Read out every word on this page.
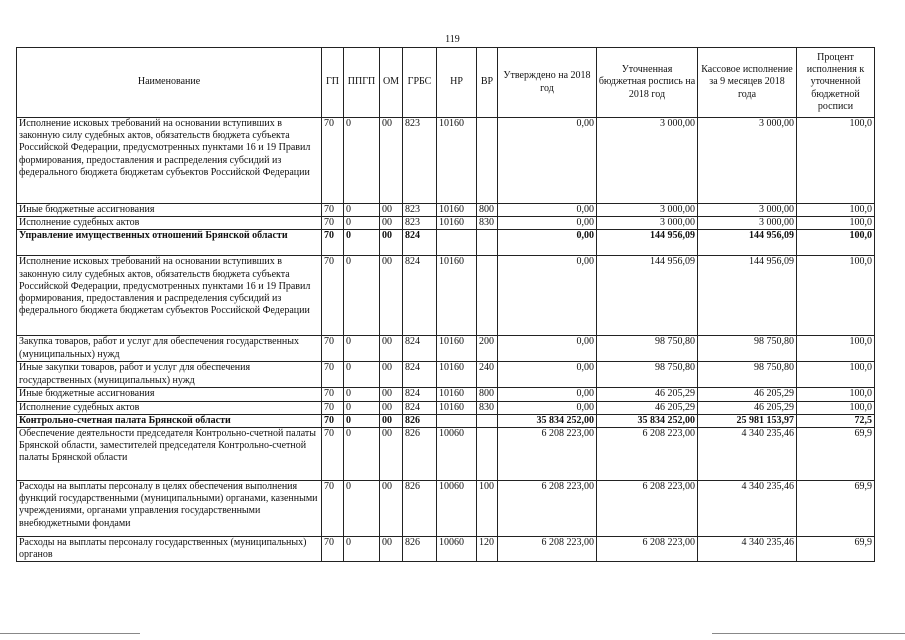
119
Наименование	ГП	ППГП	ОМ	ГРБС	НР	ВР	Утверждено на 2018 год	Уточненная бюджетная роспись на 2018 год	Кассовое исполнение за 9 месяцев 2018 года	Процент исполнения к уточненной бюджетной росписи
Исполнение исковых требований на основании вступивших в законную силу судебных актов, обязательств бюджета субъекта Российской Федерации, предусмотренных пунктами 16 и 19 Правил формирования, предоставления и распределения субсидий из федерального бюджета бюджетам субъектов Российской Федерации	70	0	00	823	10160		0,00	3 000,00	3 000,00	100,0
Иные бюджетные ассигнования	70	0	00	823	10160	800	0,00	3 000,00	3 000,00	100,0
Исполнение судебных актов	70	0	00	823	10160	830	0,00	3 000,00	3 000,00	100,0
Управление имущественных отношений Брянской области	70	0	00	824			0,00	144 956,09	144 956,09	100,0
Исполнение исковых требований на основании вступивших в законную силу судебных актов, обязательств бюджета субъекта Российской Федерации, предусмотренных пунктами 16 и 19 Правил формирования, предоставления и распределения субсидий из федерального бюджета бюджетам субъектов Российской Федерации	70	0	00	824	10160		0,00	144 956,09	144 956,09	100,0
Закупка товаров, работ и услуг для обеспечения государственных (муниципальных) нужд	70	0	00	824	10160	200	0,00	98 750,80	98 750,80	100,0
Иные закупки товаров, работ и услуг для обеспечения государственных (муниципальных) нужд	70	0	00	824	10160	240	0,00	98 750,80	98 750,80	100,0
Иные бюджетные ассигнования	70	0	00	824	10160	800	0,00	46 205,29	46 205,29	100,0
Исполнение судебных актов	70	0	00	824	10160	830	0,00	46 205,29	46 205,29	100,0
Контрольно-счетная палата Брянской области	70	0	00	826			35 834 252,00	35 834 252,00	25 981 153,97	72,5
Обеспечение деятельности председателя Контрольно-счетной палаты Брянской области, заместителей председателя Контрольно-счетной палаты Брянской области	70	0	00	826	10060		6 208 223,00	6 208 223,00	4 340 235,46	69,9
Расходы на выплаты персоналу в целях обеспечения выполнения функций государственными (муниципальными) органами, казенными учреждениями, органами управления государственными внебюджетными фондами	70	0	00	826	10060	100	6 208 223,00	6 208 223,00	4 340 235,46	69,9
Расходы на выплаты персоналу государственных (муниципальных) органов	70	0	00	826	10060	120	6 208 223,00	6 208 223,00	4 340 235,46	69,9
